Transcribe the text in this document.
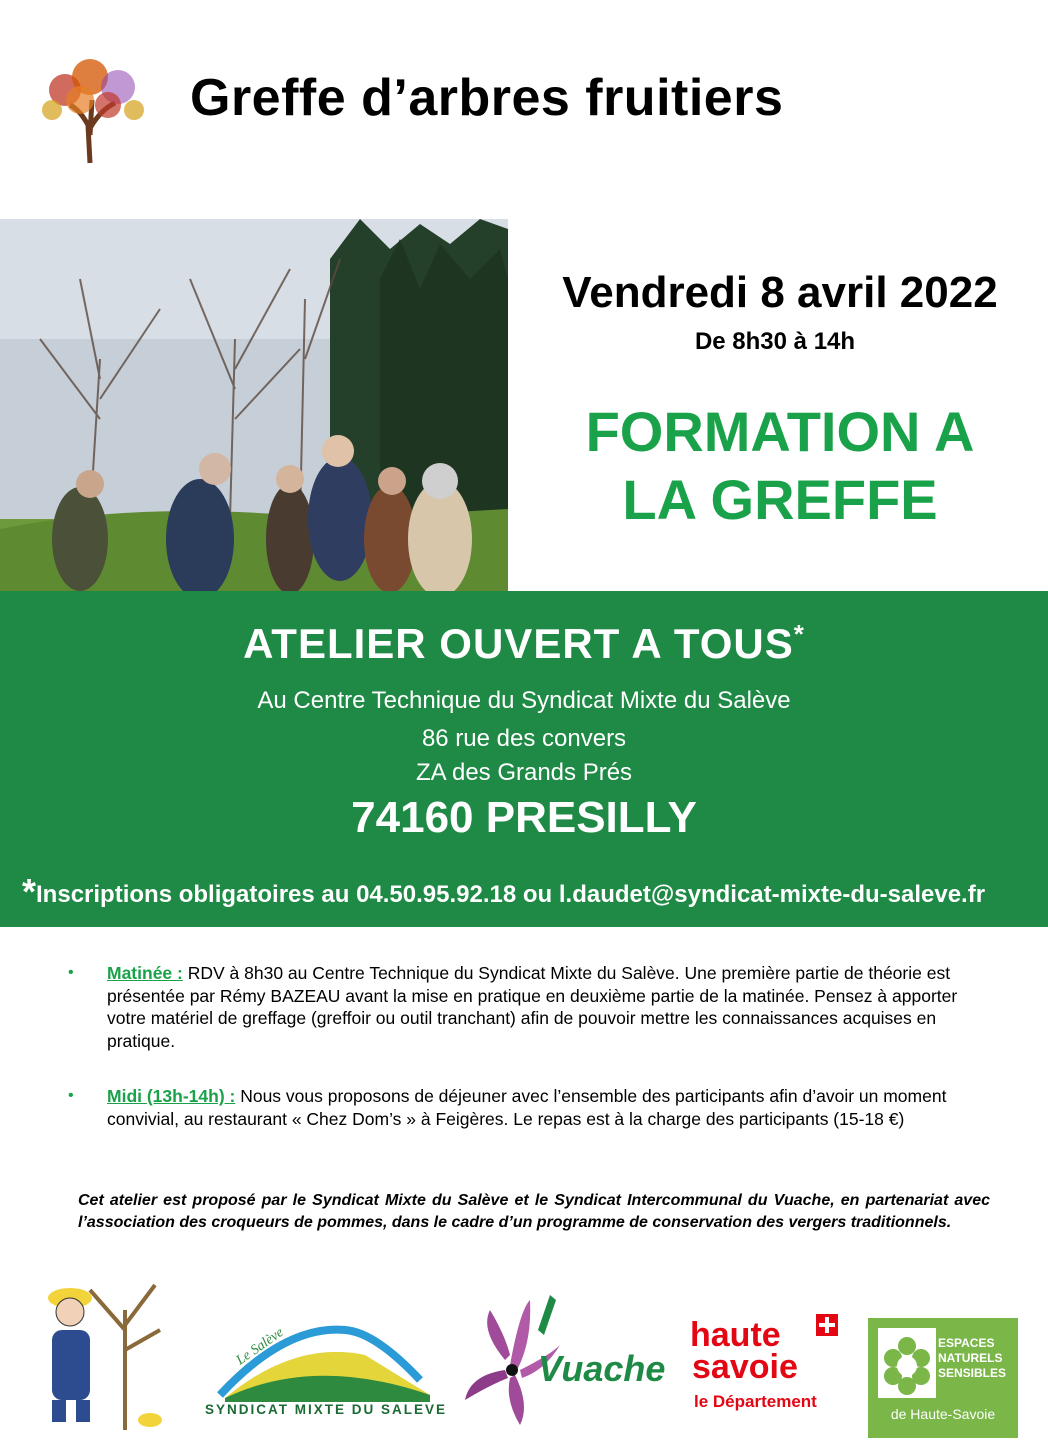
Greffe d’arbres fruitiers
Vendredi 8 avril 2022
De 8h30 à 14h
FORMATION A
LA GREFFE
ATELIER OUVERT A TOUS*
Au Centre Technique du Syndicat Mixte du Salève
86 rue des convers
ZA des Grands Prés
74160 PRESILLY
*Inscriptions obligatoires au 04.50.95.92.18 ou l.daudet@syndicat-mixte-du-saleve.fr
• Matinée : RDV à 8h30 au Centre Technique du Syndicat Mixte du Salève. Une première partie de théorie est présentée par Rémy BAZEAU avant la mise en pratique en deuxième partie de la matinée. Pensez à apporter votre matériel de greffage (greffoir ou outil tranchant) afin de pouvoir mettre les connaissances acquises en pratique.
• Midi (13h-14h) : Nous vous proposons de déjeuner avec l’ensemble des participants afin d’avoir un moment convivial, au restaurant « Chez Dom’s » à Feigères. Le repas est à la charge des participants (15-18 €)
Cet atelier est proposé par le Syndicat Mixte du Salève et le Syndicat Intercommunal du Vuache, en partenariat avec l’association des croqueurs de pommes, dans le cadre d’un programme de conservation des vergers traditionnels.
Le Salève
SYNDICAT MIXTE DU SALEVE
Vuache
haute
savoie
le Département
ESPACES
NATURELS
SENSIBLES
de Haute-Savoie
